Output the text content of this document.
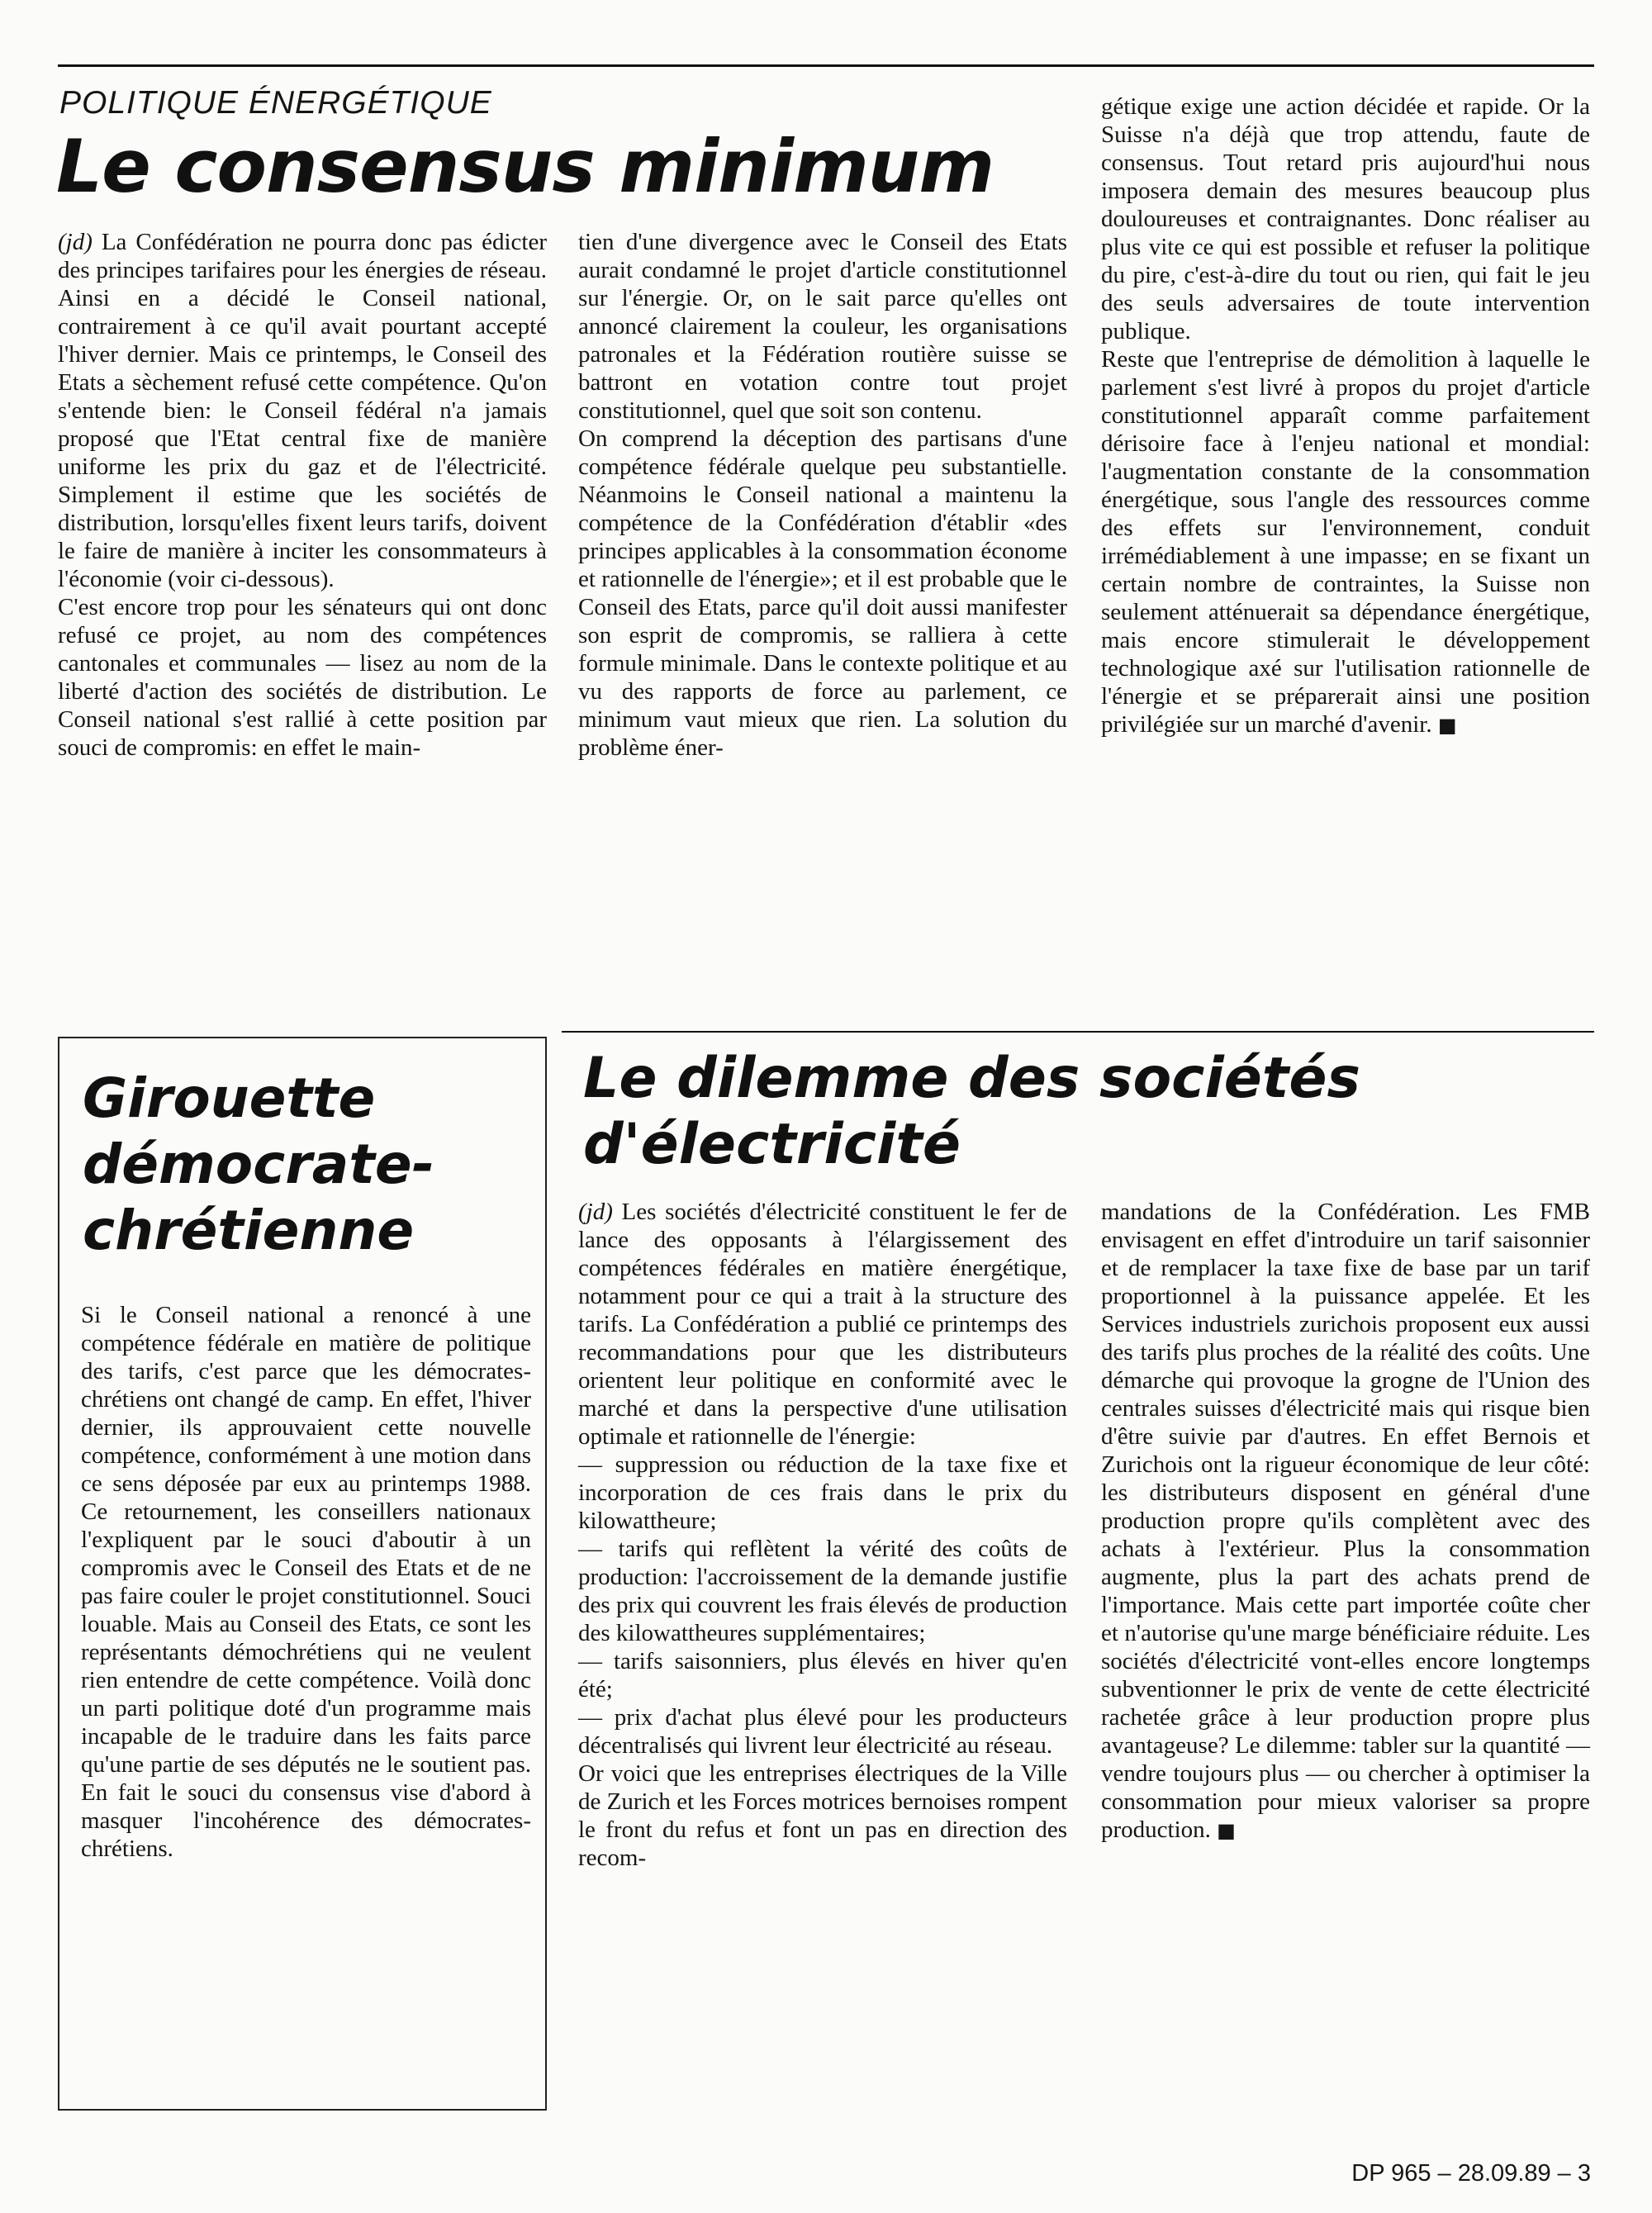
POLITIQUE ÉNERGÉTIQUE
Le consensus minimum

(jd) La Confédération ne pourra donc pas édicter des principes tarifaires pour les énergies de réseau. Ainsi en a décidé le Conseil national, contrairement à ce qu'il avait pourtant accepté l'hiver dernier. Mais ce printemps, le Conseil des Etats a sèchement refusé cette compétence. Qu'on s'entende bien: le Conseil fédéral n'a jamais proposé que l'Etat central fixe de manière uniforme les prix du gaz et de l'électricité. Simplement il estime que les sociétés de distribution, lorsqu'elles fixent leurs tarifs, doivent le faire de manière à inciter les consommateurs à l'économie (voir ci-dessous).

C'est encore trop pour les sénateurs qui ont donc refusé ce projet, au nom des compétences cantonales et communales — lisez au nom de la liberté d'action des sociétés de distribution. Le Conseil national s'est rallié à cette position par souci de compromis: en effet le main-

tien d'une divergence avec le Conseil des Etats aurait condamné le projet d'article constitutionnel sur l'énergie. Or, on le sait parce qu'elles ont annoncé clairement la couleur, les organisations patronales et la Fédération routière suisse se battront en votation contre tout projet constitutionnel, quel que soit son contenu.

On comprend la déception des partisans d'une compétence fédérale quelque peu substantielle. Néanmoins le Conseil national a maintenu la compétence de la Confédération d'établir «des principes applicables à la consommation économe et rationnelle de l'énergie»; et il est probable que le Conseil des Etats, parce qu'il doit aussi manifester son esprit de compromis, se ralliera à cette formule minimale. Dans le contexte politique et au vu des rapports de force au parlement, ce minimum vaut mieux que rien. La solution du problème éner-

gétique exige une action décidée et rapide. Or la Suisse n'a déjà que trop attendu, faute de consensus. Tout retard pris aujourd'hui nous imposera demain des mesures beaucoup plus douloureuses et contraignantes. Donc réaliser au plus vite ce qui est possible et refuser la politique du pire, c'est-à-dire du tout ou rien, qui fait le jeu des seuls adversaires de toute intervention publique.

Reste que l'entreprise de démolition à laquelle le parlement s'est livré à propos du projet d'article constitutionnel apparaît comme parfaitement dérisoire face à l'enjeu national et mondial: l'augmentation constante de la consommation énergétique, sous l'angle des ressources comme des effets sur l'environnement, conduit irrémédiablement à une impasse; en se fixant un certain nombre de contraintes, la Suisse non seulement atténuerait sa dépendance énergétique, mais encore stimulerait le développement technologique axé sur l'utilisation rationnelle de l'énergie et se préparerait ainsi une position privilégiée sur un marché d'avenir. ■

Girouette démocrate-chrétienne

Si le Conseil national a renoncé à une compétence fédérale en matière de politique des tarifs, c'est parce que les démocrates-chrétiens ont changé de camp. En effet, l'hiver dernier, ils approuvaient cette nouvelle compétence, conformément à une motion dans ce sens déposée par eux au printemps 1988. Ce retournement, les conseillers nationaux l'expliquent par le souci d'aboutir à un compromis avec le Conseil des Etats et de ne pas faire couler le projet constitutionnel. Souci louable. Mais au Conseil des Etats, ce sont les représentants démochrétiens qui ne veulent rien entendre de cette compétence. Voilà donc un parti politique doté d'un programme mais incapable de le traduire dans les faits parce qu'une partie de ses députés ne le soutient pas. En fait le souci du consensus vise d'abord à masquer l'incohérence des démocrates-chrétiens.

Le dilemme des sociétés d'électricité

(jd) Les sociétés d'électricité constituent le fer de lance des opposants à l'élargissement des compétences fédérales en matière énergétique, notamment pour ce qui a trait à la structure des tarifs. La Confédération a publié ce printemps des recommandations pour que les distributeurs orientent leur politique en conformité avec le marché et dans la perspective d'une utilisation optimale et rationnelle de l'énergie:

— suppression ou réduction de la taxe fixe et incorporation de ces frais dans le prix du kilowattheure;

— tarifs qui reflètent la vérité des coûts de production: l'accroissement de la demande justifie des prix qui couvrent les frais élevés de production des kilowattheures supplémentaires;

— tarifs saisonniers, plus élevés en hiver qu'en été;

— prix d'achat plus élevé pour les producteurs décentralisés qui livrent leur électricité au réseau.

Or voici que les entreprises électriques de la Ville de Zurich et les Forces motrices bernoises rompent le front du refus et font un pas en direction des recom-

mandations de la Confédération. Les FMB envisagent en effet d'introduire un tarif saisonnier et de remplacer la taxe fixe de base par un tarif proportionnel à la puissance appelée. Et les Services industriels zurichois proposent eux aussi des tarifs plus proches de la réalité des coûts. Une démarche qui provoque la grogne de l'Union des centrales suisses d'électricité mais qui risque bien d'être suivie par d'autres. En effet Bernois et Zurichois ont la rigueur économique de leur côté: les distributeurs disposent en général d'une production propre qu'ils complètent avec des achats à l'extérieur. Plus la consommation augmente, plus la part des achats prend de l'importance. Mais cette part importée coûte cher et n'autorise qu'une marge bénéficiaire réduite. Les sociétés d'électricité vont-elles encore longtemps subventionner le prix de vente de cette électricité rachetée grâce à leur production propre plus avantageuse? Le dilemme: tabler sur la quantité — vendre toujours plus — ou chercher à optimiser la consommation pour mieux valoriser sa propre production. ■

DP 965 – 28.09.89 – 3
